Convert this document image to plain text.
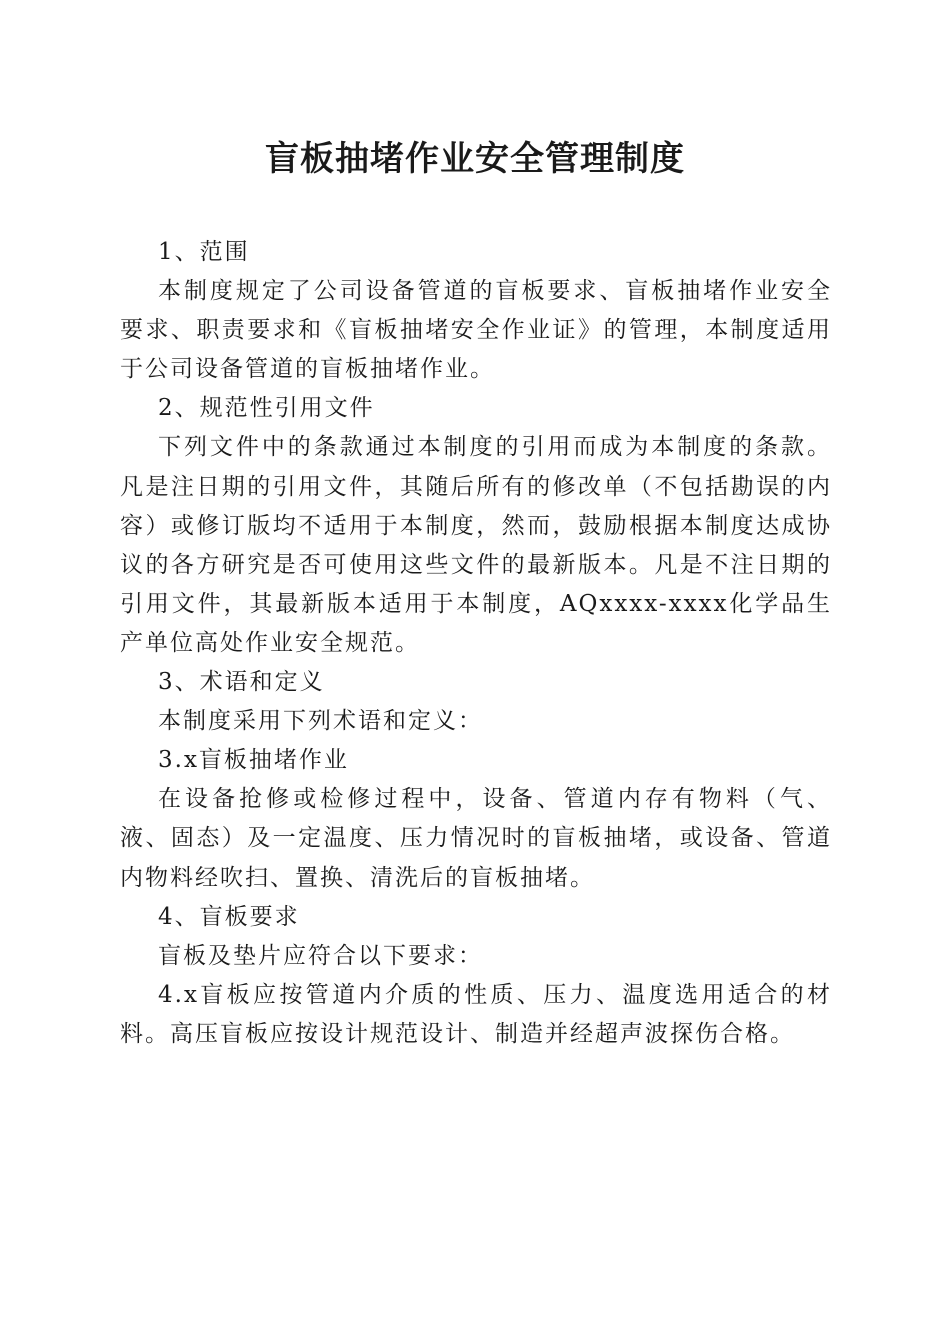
盲板抽堵作业安全管理制度

1、范围

本制度规定了公司设备管道的盲板要求、盲板抽堵作业安全要求、职责要求和《盲板抽堵安全作业证》的管理，本制度适用于公司设备管道的盲板抽堵作业。

2、规范性引用文件

下列文件中的条款通过本制度的引用而成为本制度的条款。凡是注日期的引用文件，其随后所有的修改单（不包括勘误的内容）或修订版均不适用于本制度，然而，鼓励根据本制度达成协议的各方研究是否可使用这些文件的最新版本。凡是不注日期的引用文件，其最新版本适用于本制度，AQxxxx-xxxx化学品生产单位高处作业安全规范。

3、术语和定义

本制度采用下列术语和定义：

3.x盲板抽堵作业

在设备抢修或检修过程中，设备、管道内存有物料（气、液、固态）及一定温度、压力情况时的盲板抽堵，或设备、管道内物料经吹扫、置换、清洗后的盲板抽堵。

4、盲板要求

盲板及垫片应符合以下要求：

4.x盲板应按管道内介质的性质、压力、温度选用适合的材料。高压盲板应按设计规范设计、制造并经超声波探伤合格。
